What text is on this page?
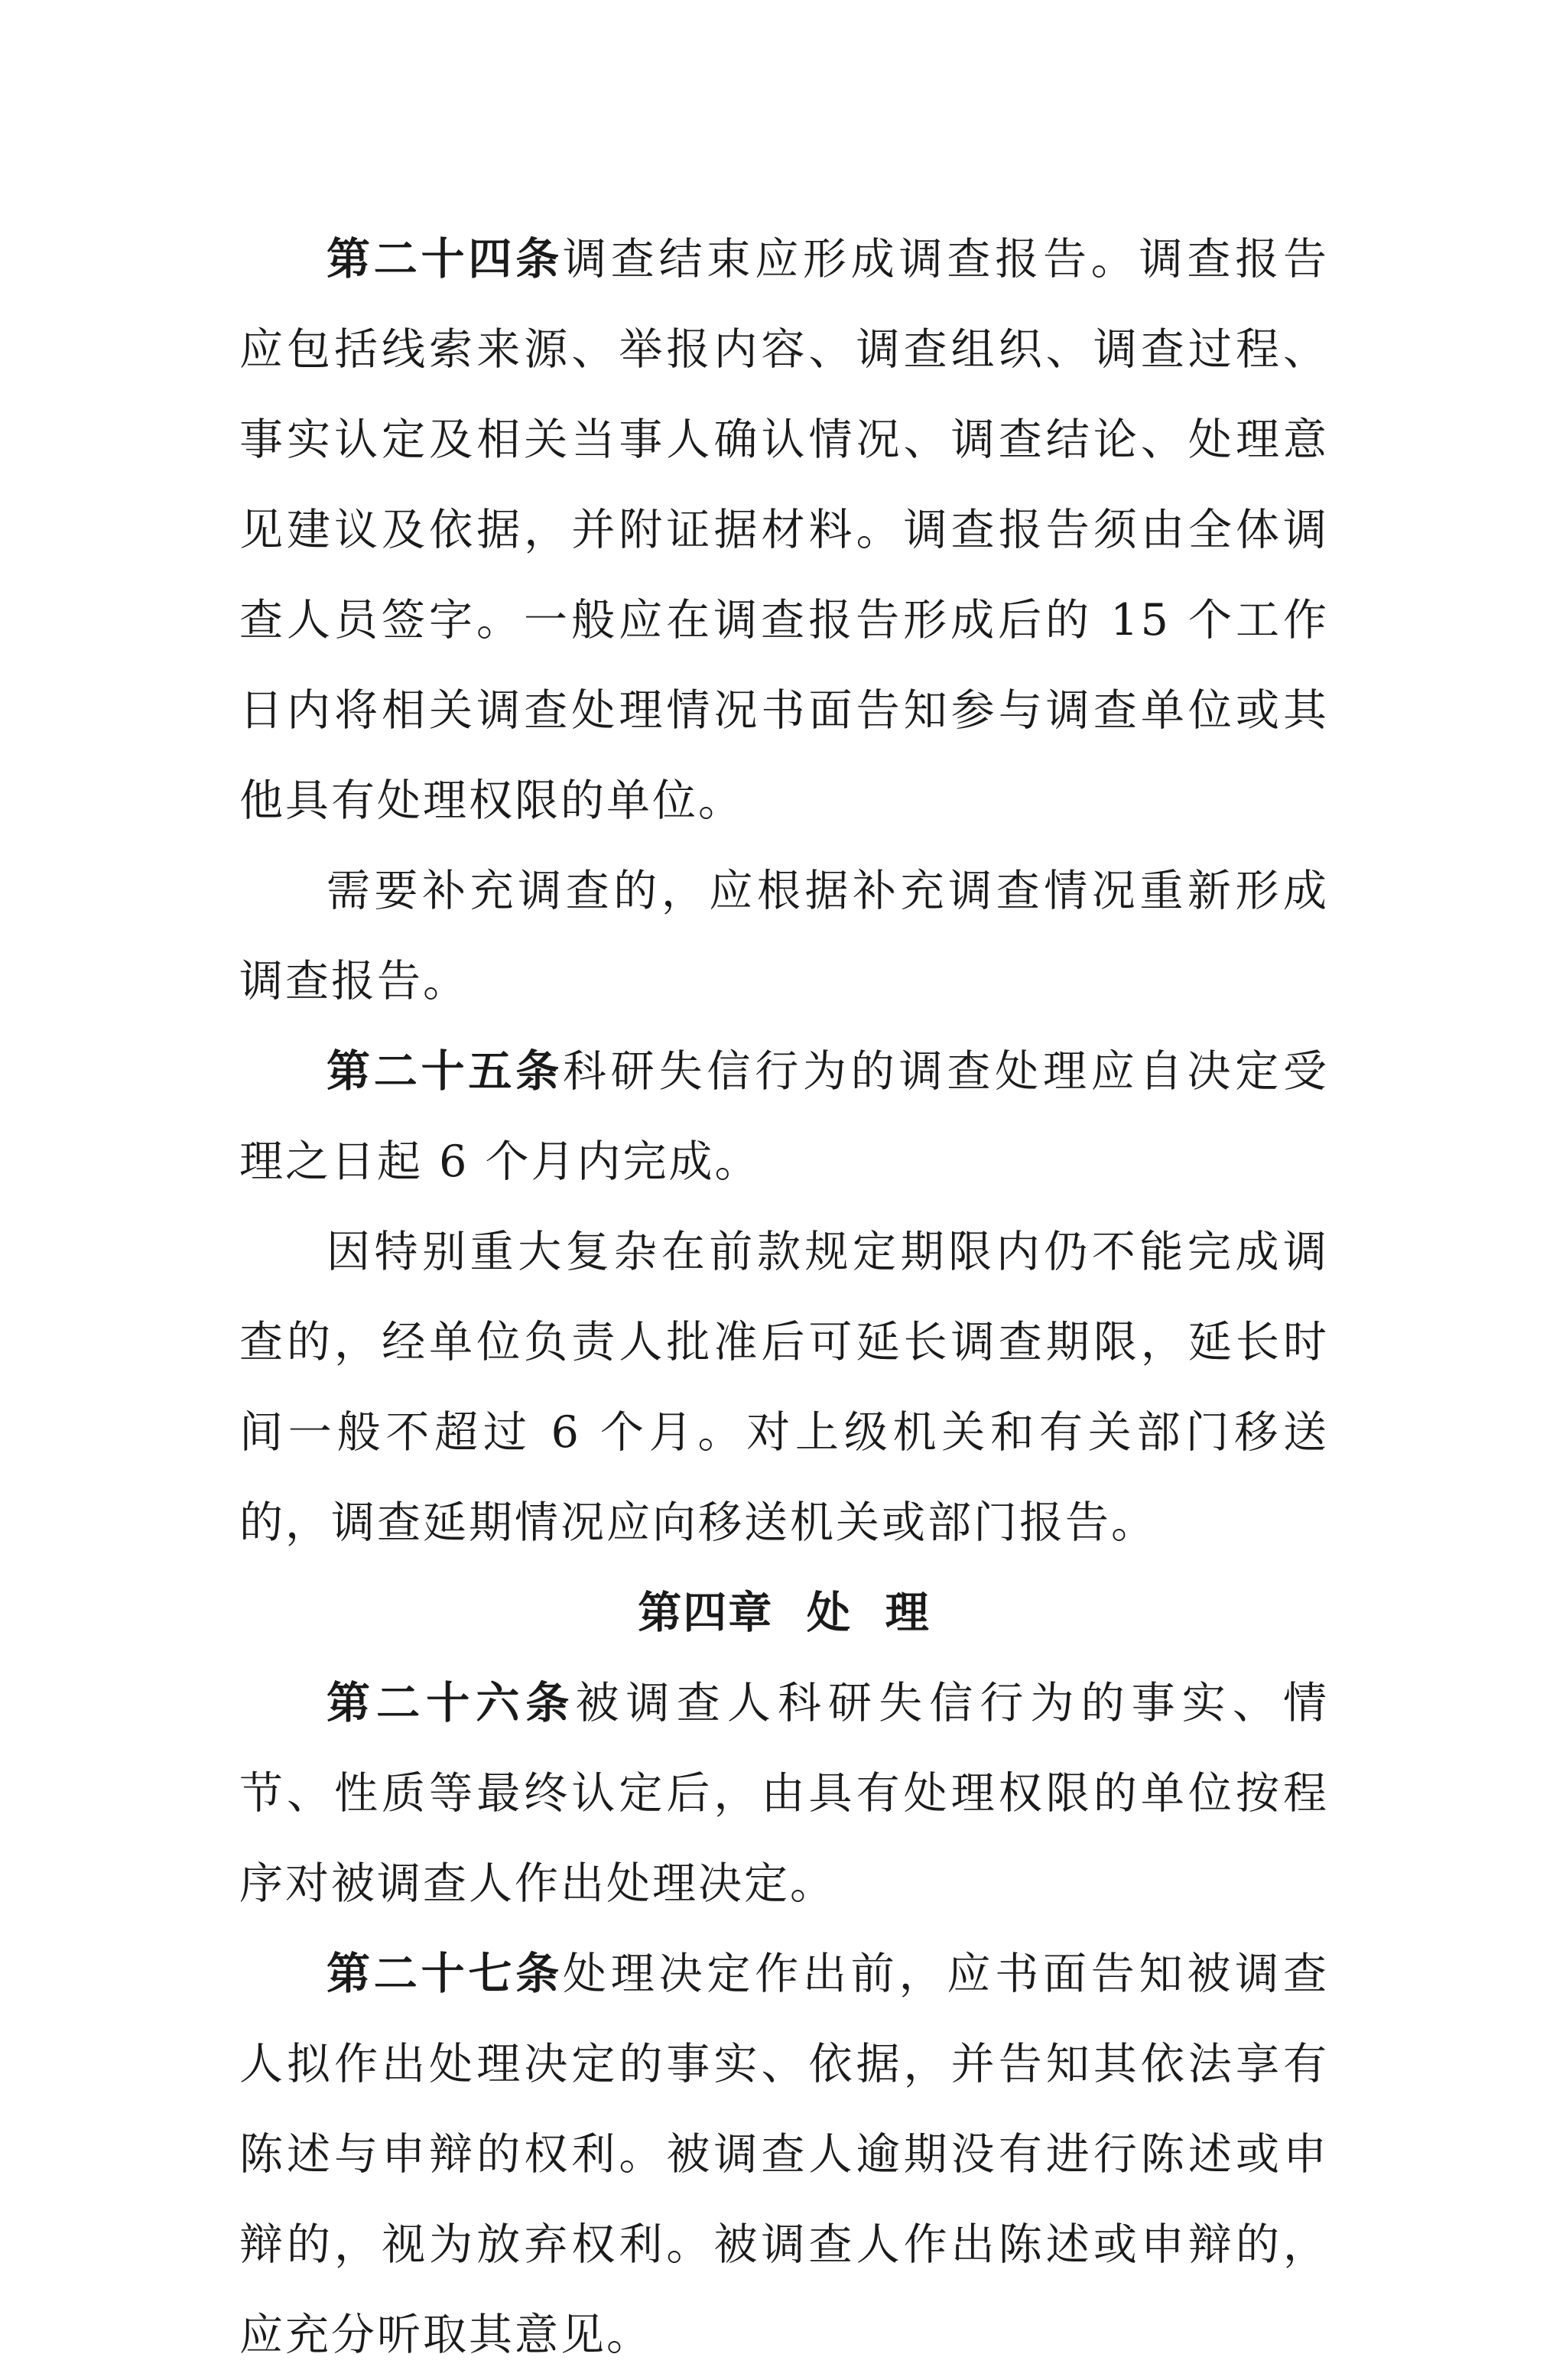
第二十四条调查结束应形成调查报告。调查报告应包括线索来源、举报内容、调查组织、调查过程、事实认定及相关当事人确认情况、调查结论、处理意见建议及依据，并附证据材料。调查报告须由全体调查人员签字。一般应在调查报告形成后的 15 个工作日内将相关调查处理情况书面告知参与调查单位或其他具有处理权限的单位。

需要补充调查的，应根据补充调查情况重新形成调查报告。

第二十五条科研失信行为的调查处理应自决定受理之日起 6 个月内完成。

因特别重大复杂在前款规定期限内仍不能完成调查的，经单位负责人批准后可延长调查期限，延长时间一般不超过 6 个月。对上级机关和有关部门移送的，调查延期情况应向移送机关或部门报告。

第四章  处  理

第二十六条被调查人科研失信行为的事实、情节、性质等最终认定后，由具有处理权限的单位按程序对被调查人作出处理决定。

第二十七条处理决定作出前，应书面告知被调查人拟作出处理决定的事实、依据，并告知其依法享有陈述与申辩的权利。被调查人逾期没有进行陈述或申辩的，视为放弃权利。被调查人作出陈述或申辩的，应充分听取其意见。
